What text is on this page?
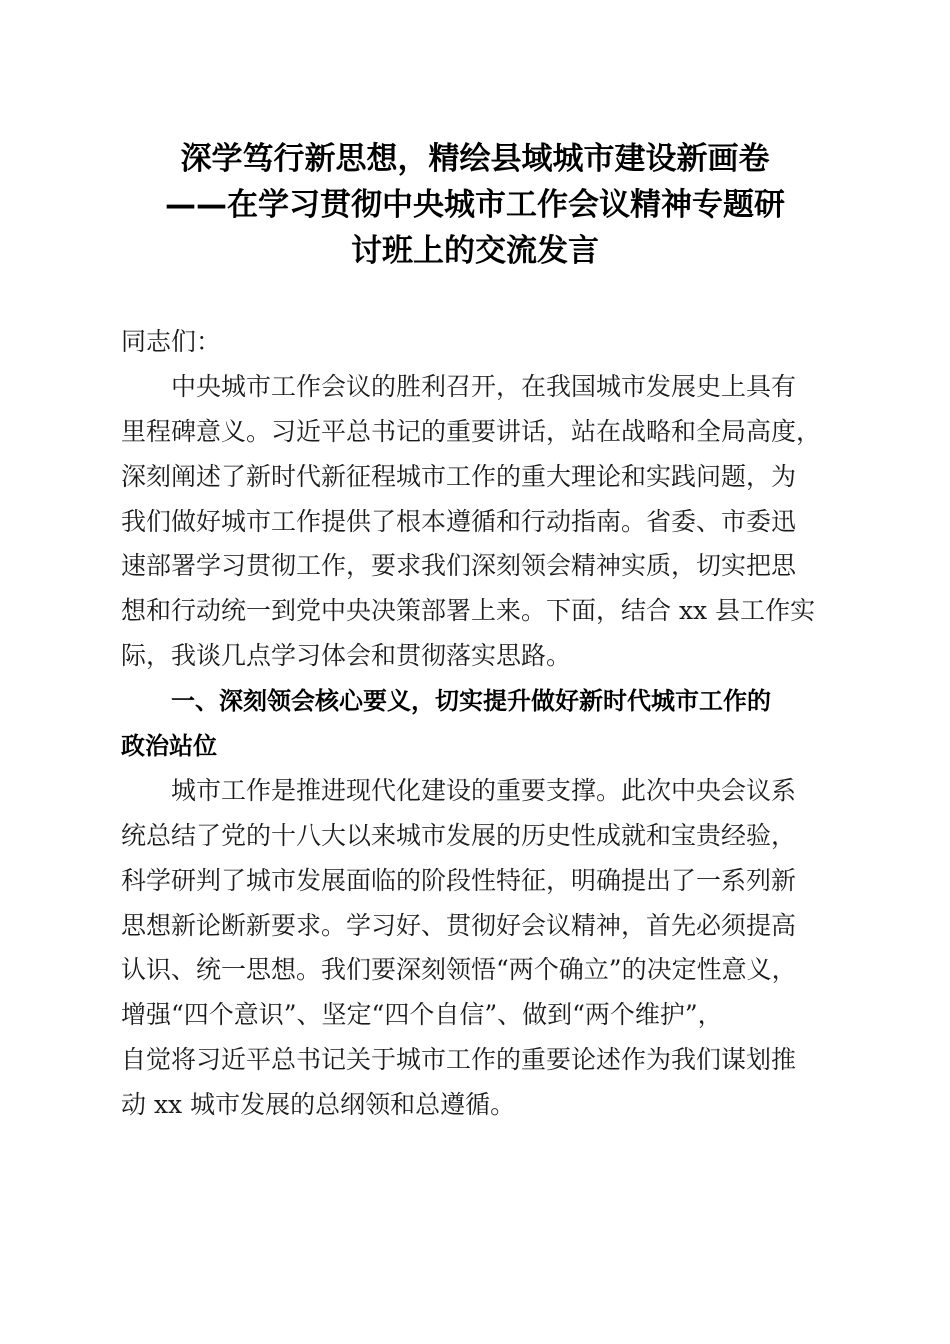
深学笃行新思想，精绘县域城市建设新画卷
——在学习贯彻中央城市工作会议精神专题研
讨班上的交流发言
同志们：
中央城市工作会议的胜利召开，在我国城市发展史上具有
里程碑意义。习近平总书记的重要讲话，站在战略和全局高度，
深刻阐述了新时代新征程城市工作的重大理论和实践问题，为
我们做好城市工作提供了根本遵循和行动指南。省委、市委迅
速部署学习贯彻工作，要求我们深刻领会精神实质，切实把思
想和行动统一到党中央决策部署上来。下面，结合 xx 县工作实
际，我谈几点学习体会和贯彻落实思路。
一、深刻领会核心要义，切实提升做好新时代城市工作的
政治站位
城市工作是推进现代化建设的重要支撑。此次中央会议系
统总结了党的十八大以来城市发展的历史性成就和宝贵经验，
科学研判了城市发展面临的阶段性特征，明确提出了一系列新
思想新论断新要求。学习好、贯彻好会议精神，首先必须提高
认识、统一思想。我们要深刻领悟“两个确立”的决定性意义，
增强“四个意识”、坚定“四个自信”、做到“两个维护”，
自觉将习近平总书记关于城市工作的重要论述作为我们谋划推
动 xx 城市发展的总纲领和总遵循。
